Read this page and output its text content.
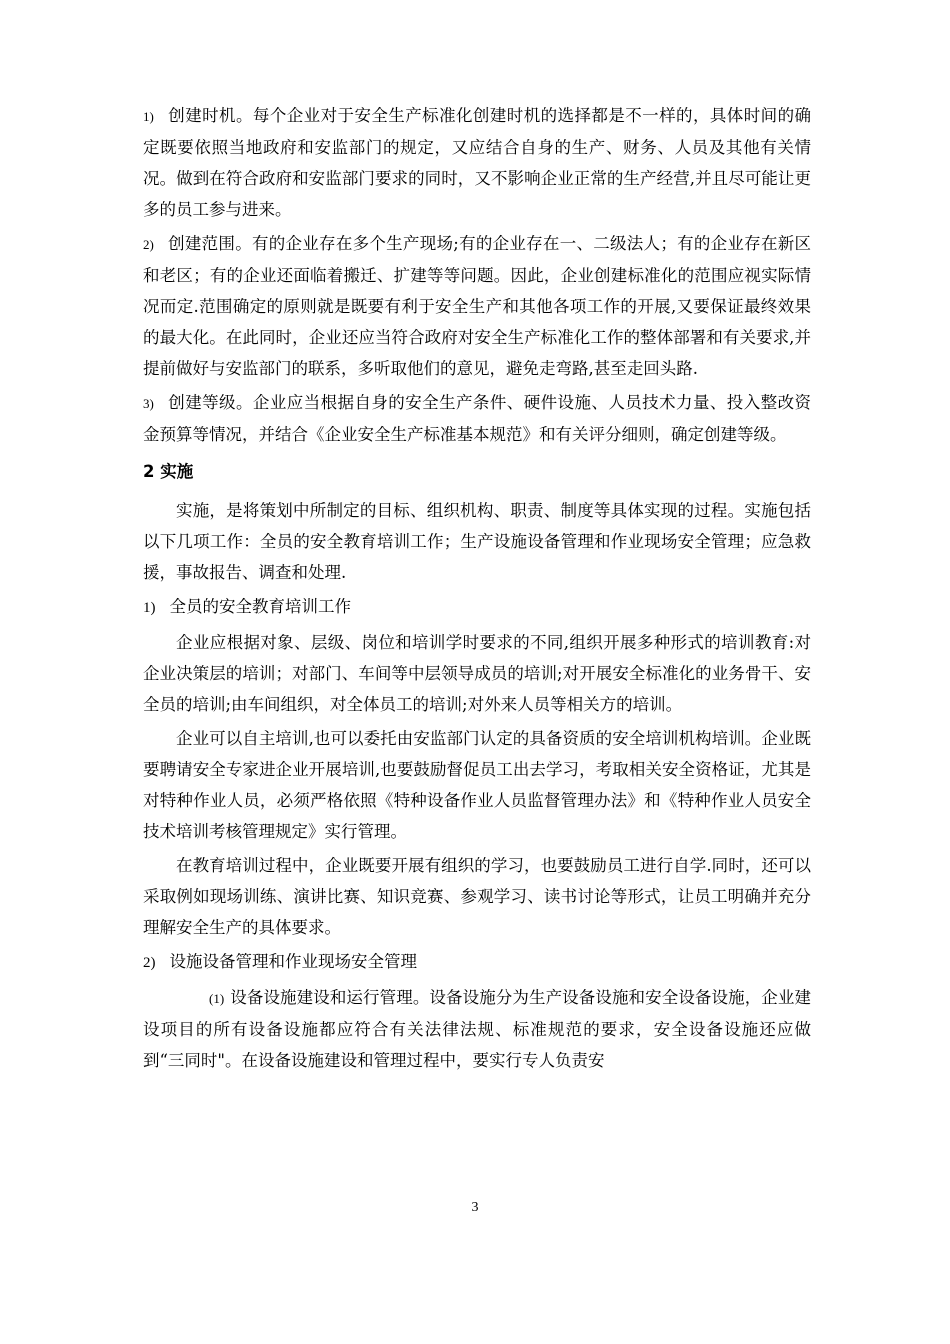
1) 创建时机。每个企业对于安全生产标准化创建时机的选择都是不一样的，具体时间的确定既要依照当地政府和安监部门的规定，又应结合自身的生产、财务、人员及其他有关情况。做到在符合政府和安监部门要求的同时，又不影响企业正常的生产经营,并且尽可能让更多的员工参与进来。

2) 创建范围。有的企业存在多个生产现场;有的企业存在一、二级法人；有的企业存在新区和老区；有的企业还面临着搬迁、扩建等等问题。因此，企业创建标准化的范围应视实际情况而定.范围确定的原则就是既要有利于安全生产和其他各项工作的开展,又要保证最终效果的最大化。在此同时，企业还应当符合政府对安全生产标准化工作的整体部署和有关要求,并提前做好与安监部门的联系，多听取他们的意见，避免走弯路,甚至走回头路.

3) 创建等级。企业应当根据自身的安全生产条件、硬件设施、人员技术力量、投入整改资金预算等情况，并结合《企业安全生产标准基本规范》和有关评分细则，确定创建等级。

2 实施

实施，是将策划中所制定的目标、组织机构、职责、制度等具体实现的过程。实施包括以下几项工作：全员的安全教育培训工作；生产设施设备管理和作业现场安全管理；应急救援，事故报告、调查和处理.

1) 全员的安全教育培训工作

企业应根据对象、层级、岗位和培训学时要求的不同,组织开展多种形式的培训教育:对企业决策层的培训；对部门、车间等中层领导成员的培训;对开展安全标准化的业务骨干、安全员的培训;由车间组织，对全体员工的培训;对外来人员等相关方的培训。

企业可以自主培训,也可以委托由安监部门认定的具备资质的安全培训机构培训。企业既要聘请安全专家进企业开展培训,也要鼓励督促员工出去学习，考取相关安全资格证，尤其是对特种作业人员，必须严格依照《特种设备作业人员监督管理办法》和《特种作业人员安全技术培训考核管理规定》实行管理。

在教育培训过程中，企业既要开展有组织的学习，也要鼓励员工进行自学.同时，还可以采取例如现场训练、演讲比赛、知识竞赛、参观学习、读书讨论等形式，让员工明确并充分理解安全生产的具体要求。

2) 设施设备管理和作业现场安全管理

(1) 设备设施建设和运行管理。设备设施分为生产设备设施和安全设备设施，企业建设项目的所有设备设施都应符合有关法律法规、标准规范的要求，安全设备设施还应做到“三同时"。在设备设施建设和管理过程中，要实行专人负责安

3
